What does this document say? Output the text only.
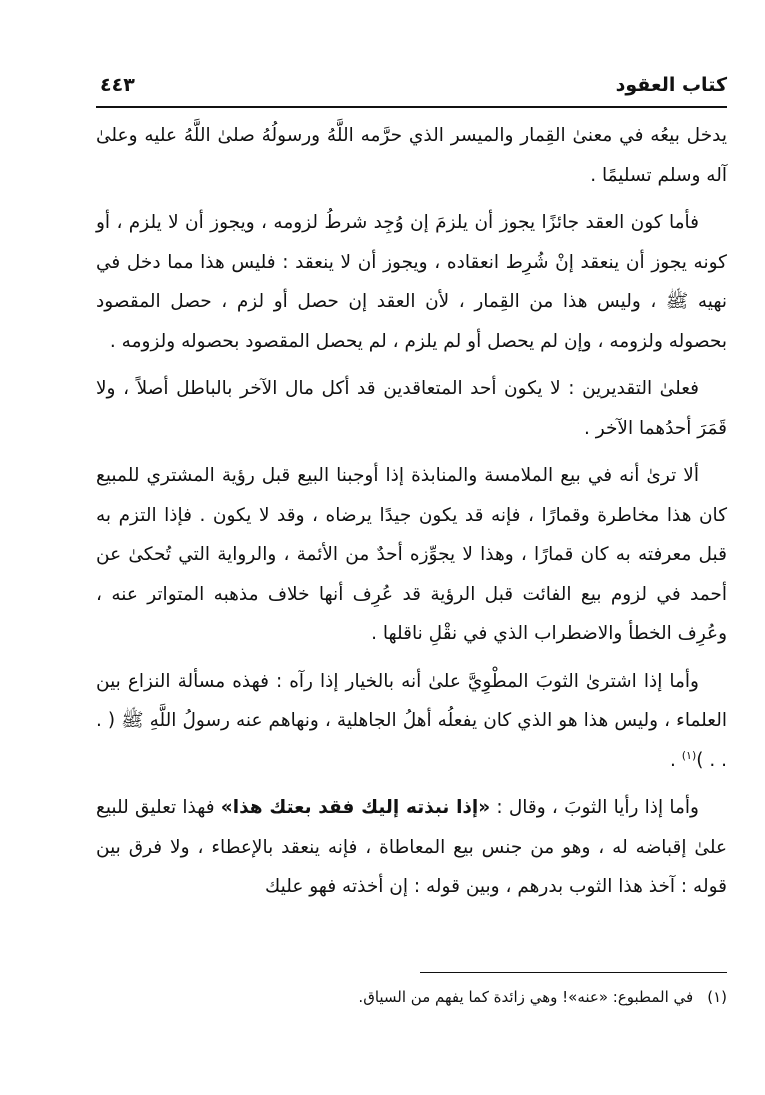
كتاب العقود
٤٤٣

يدخل بيعُه في معنىٰ القِمار والميسر الذي حرَّمه اللَّهُ ورسولُهُ صلىٰ اللَّهُ عليه وعلىٰ آله وسلم تسليمًا .

فأما كون العقد جائزًا يجوز أن يلزمَ إن وُجِد شرطُ لزومه ، ويجوز أن لا يلزم ، أو كونه يجوز أن ينعقد إنْ شُرِط انعقاده ، ويجوز أن لا ينعقد : فليس هذا مما دخل في نهيه ﷺ ، وليس هذا من القِمار ، لأن العقد إن حصل أو لزم ، حصل المقصود بحصوله ولزومه ، وإن لم يحصل أو لم يلزم ، لم يحصل المقصود بحصوله ولزومه .

فعلىٰ التقديرين : لا يكون أحد المتعاقدين قد أكل مال الآخر بالباطل أصلاً ، ولا قَمَرَ أحدُهما الآخر .

ألا ترىٰ أنه في بيع الملامسة والمنابذة إذا أوجبنا البيع قبل رؤية المشتري للمبيع كان هذا مخاطرة وقمارًا ، فإنه قد يكون جيدًا يرضاه ، وقد لا يكون . فإذا التزم به قبل معرفته به كان قمارًا ، وهذا لا يجوِّزه أحدٌ من الأئمة ، والرواية التي تُحكىٰ عن أحمد في لزوم بيع الفائت قبل الرؤية قد عُرِف أنها خلاف مذهبه المتواتر عنه ، وعُرِف الخطأ والاضطراب الذي في نقْلِ ناقلها .

وأما إذا اشترىٰ الثوبَ المطْوِيَّ علىٰ أنه بالخيار إذا رآه : فهذه مسألة النزاع بين العلماء ، وليس هذا هو الذي كان يفعلُه أهلُ الجاهلية ، ونهاهم عنه رسولُ اللَّهِ ﷺ ( . . . )$^{(١)}$ .

وأما إذا رأيا الثوبَ ، وقال : «إذا نبذته إليك فقد بعتك هذا» فهذا تعليق للبيع علىٰ إقباضه له ، وهو من جنس بيع المعاطاة ، فإنه ينعقد بالإعطاء ، ولا فرق بين قوله : آخذ هذا الثوب بدرهم ، وبين قوله : إن أخذته فهو عليك

(١)في المطبوع: «عنه»! وهي زائدة كما يفهم من السياق.
